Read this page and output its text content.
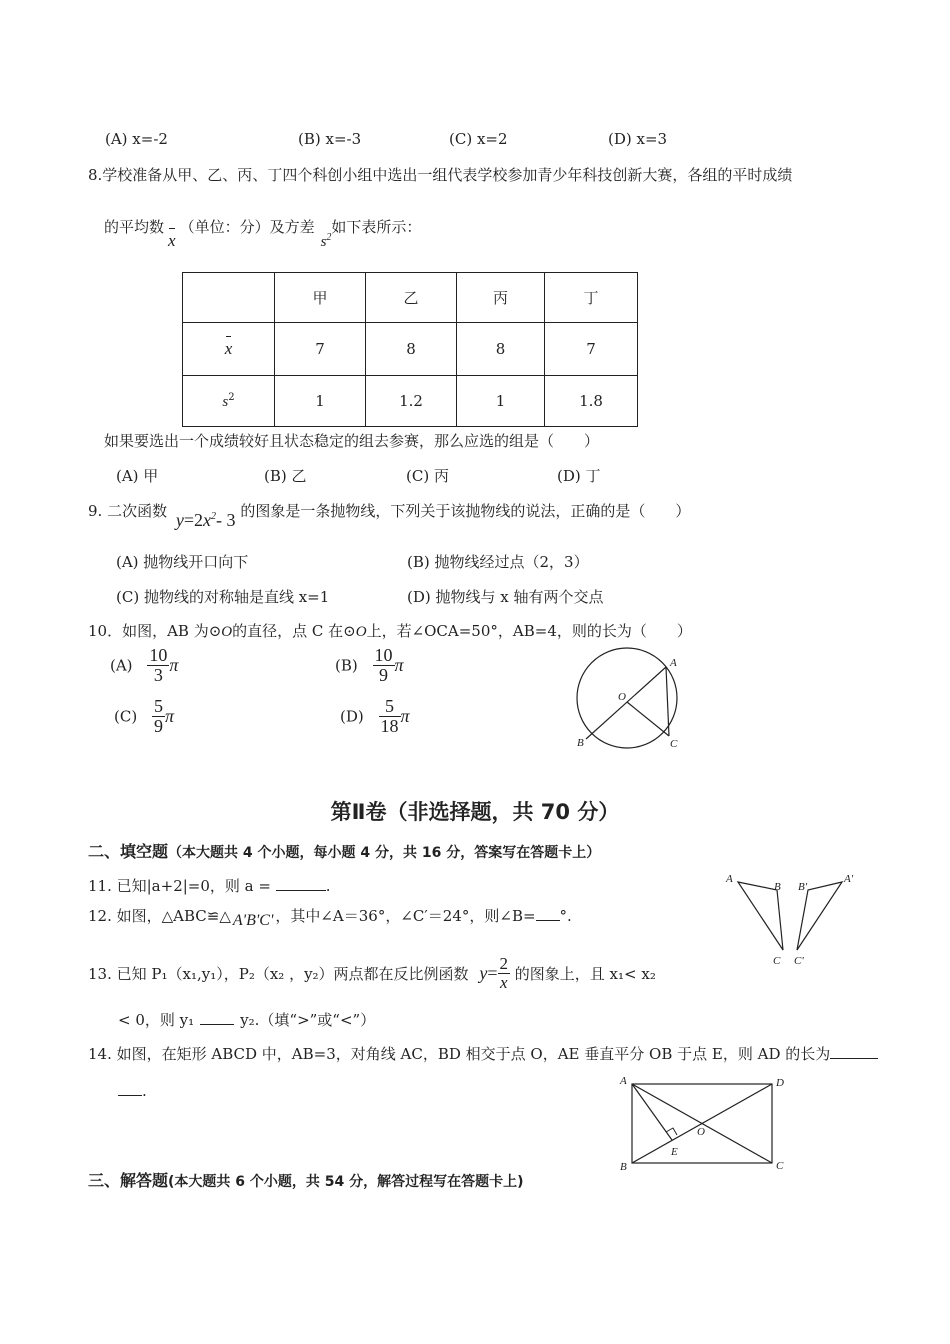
(A) x=-2	(B) x=-3	(C) x=2	(D) x=3
8.学校准备从甲、乙、丙、丁四个科创小组中选出一组代表学校参加青少年科技创新大赛，各组的平时成绩
的平均数x（单位：分）及方差$s^2$如下表所示：
	甲	乙	丙	丁
x	7	8	8	7
$s^2$	1	1.2	1	1.8
如果要选出一个成绩较好且状态稳定的组去参赛，那么应选的组是（　　）
(A) 甲	(B) 乙	(C) 丙	(D) 丁
9. 二次函数 $y=2x^2-$ 3 的图象是一条抛物线，下列关于该抛物线的说法，正确的是（　　）
(A) 抛物线开口向下	(B) 抛物线经过点（2，3）
(C) 抛物线的对称轴是直线 x=1	(D) 抛物线与 x 轴有两个交点
10．如图，AB 为⊙O的直径，点 C 在⊙O上，若∠OCA=50°，AB=4，则的长为（　　）
$(A) \frac{10}{3}$ π	$(B) \frac{10}{9}$ π
$(C) \frac{5}{9}$ π	$(D) \frac{5}{18}$ π
O
A
B	C
第Ⅱ卷（非选择题，共 70 分）
二、填空题（本大题共 4 个小题，每小题 4 分，共 16 分，答案写在答题卡上）
11. 已知|a+2|=0，则 a =	.
12. 如图，△ABC≌△ A'B'C' ，其中∠A＝36°，∠C′＝24°，则∠B= °.
A
B
C
A'
B'
C'
13. 已知 P₁（x₁,y₁），P₂（x₂ ，y₂）两点都在反比例函数 $y= \frac{2}{x}$ 的图象上，且 x₁< x₂
< 0，则 y₁	y₂.（填“>”或“<”）
14. 如图，在矩形 ABCD 中，AB=3，对角线 AC，BD 相交于点 O，AE 垂直平分 OB 于点 E，则 AD 的长为
.
A	D
B	C
O
E
三、解答题(本大题共 6 个小题，共 54 分，解答过程写在答题卡上)
